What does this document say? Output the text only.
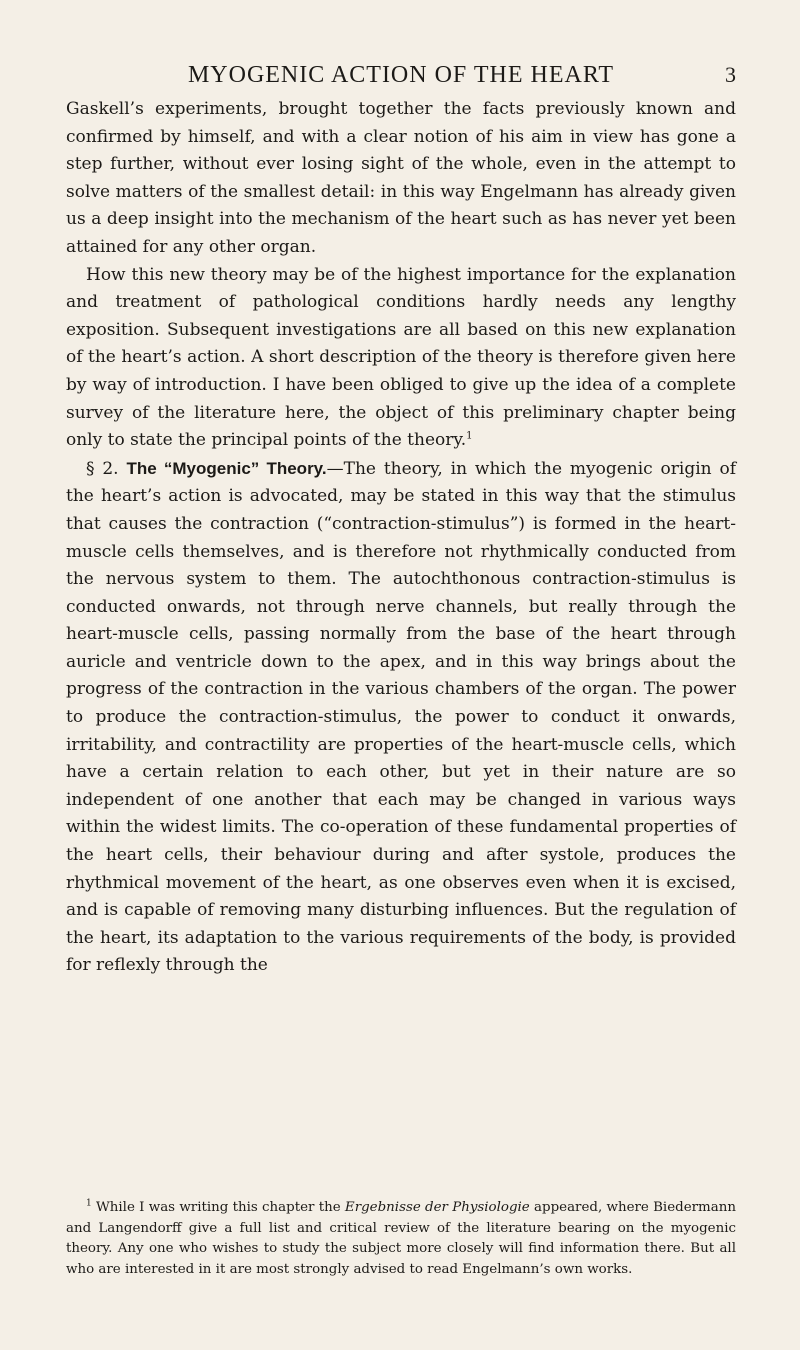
MYOGENIC ACTION OF THE HEART	3

Gaskell’s experiments, brought together the facts previously known and confirmed by himself, and with a clear notion of his aim in view has gone a step further, without ever losing sight of the whole, even in the attempt to solve matters of the smallest detail: in this way Engelmann has already given us a deep insight into the mechanism of the heart such as has never yet been attained for any other organ.

How this new theory may be of the highest importance for the explanation and treatment of pathological conditions hardly needs any lengthy exposition. Subsequent investigations are all based on this new explanation of the heart’s action. A short description of the theory is therefore given here by way of introduction. I have been obliged to give up the idea of a complete survey of the literature here, the object of this preliminary chapter being only to state the principal points of the theory.$^1$

§ 2. The “Myogenic” Theory.—The theory, in which the myogenic origin of the heart’s action is advocated, may be stated in this way that the stimulus that causes the contraction (“contraction-stimulus”) is formed in the heart-muscle cells themselves, and is therefore not rhythmically conducted from the nervous system to them. The autochthonous contraction-stimulus is conducted onwards, not through nerve channels, but really through the heart-muscle cells, passing normally from the base of the heart through auricle and ventricle down to the apex, and in this way brings about the progress of the contraction in the various chambers of the organ. The power to produce the contraction-stimulus, the power to conduct it onwards, irritability, and contractility are properties of the heart-muscle cells, which have a certain relation to each other, but yet in their nature are so independent of one another that each may be changed in various ways within the widest limits. The co-operation of these fundamental properties of the heart cells, their behaviour during and after systole, produces the rhythmical movement of the heart, as one observes even when it is excised, and is capable of removing many disturbing influences. But the regulation of the heart, its adaptation to the various requirements of the body, is provided for reflexly through the

$^1$ While I was writing this chapter the Ergebnisse der Physiologie appeared, where Biedermann and Langendorff give a full list and critical review of the literature bearing on the myogenic theory. Any one who wishes to study the subject more closely will find information there. But all who are interested in it are most strongly advised to read Engelmann’s own works.
